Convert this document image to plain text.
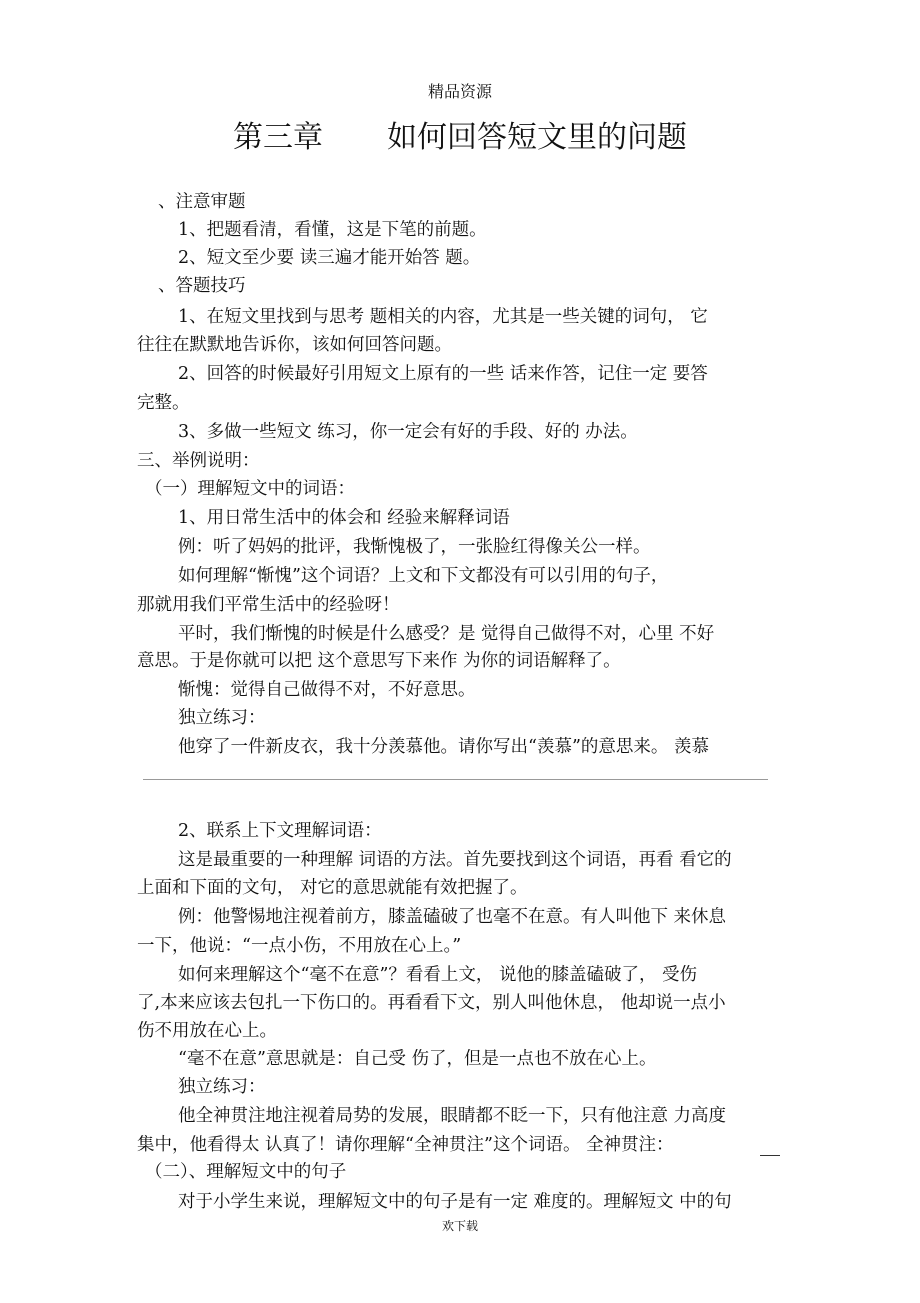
精品资源
第三章 如何回答短文里的问题
、注意审题
1、把题看清，看懂，这是下笔的前题。
2、短文至少要 读三遍才能开始答 题。
、答题技巧
1、在短文里找到与思考 题相关的内容，尤其是一些关键的词句， 它
往往在默默地告诉你，该如何回答问题。
2、回答的时候最好引用短文上原有的一些 话来作答，记住一定 要答
完整。
3、多做一些短文 练习，你一定会有好的手段、好的 办法。
三、举例说明：
（一）理解短文中的词语：
1、用日常生活中的体会和 经验来解释词语
例：听了妈妈的批评，我惭愧极了，一张脸红得像关公一样。
如何理解“惭愧”这个词语？上文和下文都没有可以引用的句子，
那就用我们平常生活中的经验呀！
平时，我们惭愧的时候是什么感受？是 觉得自己做得不对，心里 不好
意思。于是你就可以把 这个意思写下来作 为你的词语解释了。
惭愧：觉得自己做得不对，不好意思。
独立练习：
他穿了一件新皮衣，我十分羡慕他。请你写出“羡慕”的意思来。 羡慕
2、联系上下文理解词语：
这是最重要的一种理解 词语的方法。首先要找到这个词语，再看 看它的
上面和下面的文句， 对它的意思就能有效把握了。
例：他警惕地注视着前方，膝盖磕破了也毫不在意。有人叫他下 来休息
一下，他说：“一点小伤，不用放在心上。”
如何来理解这个“毫不在意”？看看上文， 说他的膝盖磕破了， 受伤
了,本来应该去包扎一下伤口的。再看看下文，别人叫他休息， 他却说一点小
伤不用放在心上。
“毫不在意”意思就是：自己受 伤了，但是一点也不放在心上。
独立练习：
他全神贯注地注视着局势的发展，眼睛都不眨一下，只有他注意 力高度
集中，他看得太 认真了！请你理解“全神贯注”这个词语。 全神贯注：
（二）、理解短文中的句子
对于小学生来说，理解短文中的句子是有一定 难度的。理解短文 中的句
欢下载
